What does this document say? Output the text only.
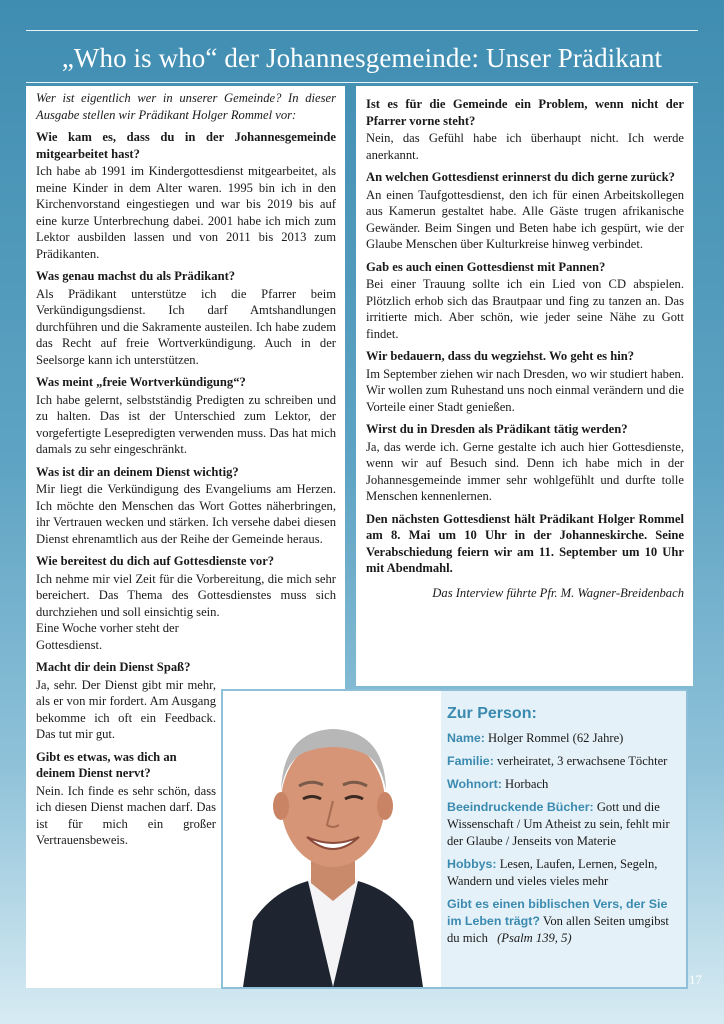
„Who is who“ der Johannesgemeinde: Unser Prädikant

Wer ist eigentlich wer in unserer Gemeinde? In dieser Ausgabe stellen wir Prädikant Holger Rommel vor:

Wie kam es, dass du in der Johannesgemeinde mitgearbeitet hast?

Ich habe ab 1991 im Kindergottesdienst mitgearbeitet, als meine Kinder in dem Alter waren. 1995 bin ich in den Kirchenvorstand eingestiegen und war bis 2019 bis auf eine kurze Unterbrechung dabei. 2001 habe ich mich zum Lektor ausbilden lassen und von 2011 bis 2013 zum Prädikanten.

Was genau machst du als Prädikant?

Als Prädikant unterstütze ich die Pfarrer beim Verkündigungsdienst. Ich darf Amtshandlungen durchführen und die Sakramente austeilen. Ich habe zudem das Recht auf freie Wortverkündigung. Auch in der Seelsorge kann ich unterstützen.

Was meint „freie Wortverkündigung“?

Ich habe gelernt, selbstständig Predigten zu schreiben und zu halten. Das ist der Unterschied zum Lektor, der vorgefertigte Lesepredigten verwenden muss. Das hat mich damals zu sehr eingeschränkt.

Was ist dir an deinem Dienst wichtig?

Mir liegt die Verkündigung des Evangeliums am Herzen. Ich möchte den Menschen das Wort Gottes näherbringen, ihr Vertrauen wecken und stärken. Ich versehe dabei diesen Dienst ehrenamtlich aus der Reihe der Gemeinde heraus.

Wie bereitest du dich auf Gottesdienste vor?

Ich nehme mir viel Zeit für die Vorbereitung, die mich sehr bereichert. Das Thema des Gottesdienstes muss sich durchziehen und soll einsichtig sein.

Eine Woche vorher steht der Gottesdienst.

Macht dir dein Dienst Spaß?

Ja, sehr. Der Dienst gibt mir mehr, als er von mir fordert. Am Ausgang bekomme ich oft ein Feedback. Das tut mir gut.

Gibt es etwas, was dich an deinem Dienst nervt?

Nein. Ich finde es sehr schön, dass ich diesen Dienst machen darf. Das ist für mich ein großer Vertrauensbeweis.

Ist es für die Gemeinde ein Problem, wenn nicht der Pfarrer vorne steht?

Nein, das Gefühl habe ich überhaupt nicht. Ich werde anerkannt.

An welchen Gottesdienst erinnerst du dich gerne zurück?

An einen Taufgottesdienst, den ich für einen Arbeitskollegen aus Kamerun gestaltet habe. Alle Gäste trugen afrikanische Gewänder. Beim Singen und Beten habe ich gespürt, wie der Glaube Menschen über Kulturkreise hinweg verbindet.

Gab es auch einen Gottesdienst mit Pannen?

Bei einer Trauung sollte ich ein Lied von CD abspielen. Plötzlich erhob sich das Brautpaar und fing zu tanzen an. Das irritierte mich. Aber schön, wie jeder seine Nähe zu Gott findet.

Wir bedauern, dass du wegziehst. Wo geht es hin?

Im September ziehen wir nach Dresden, wo wir studiert haben. Wir wollen zum Ruhestand uns noch einmal verändern und die Vorteile einer Stadt genießen.

Wirst du in Dresden als Prädikant tätig werden?

Ja, das werde ich. Gerne gestalte ich auch hier Gottesdienste, wenn wir auf Besuch sind. Denn ich habe mich in der Johannesgemeinde immer sehr wohlgefühlt und durfte tolle Menschen kennenlernen.

Den nächsten Gottesdienst hält Prädikant Holger Rommel am 8. Mai um 10 Uhr in der Johanneskirche. Seine Verabschiedung feiern wir am 11. September um 10 Uhr mit Abendmahl.

Das Interview führte Pfr. M. Wagner-Breidenbach

Zur Person:

Name: Holger Rommel (62 Jahre)

Familie: verheiratet, 3 erwachsene Töchter

Wohnort: Horbach

Beeindruckende Bücher: Gott und die Wissenschaft / Um Atheist zu sein, fehlt mir der Glaube / Jenseits von Materie

Hobbys: Lesen, Laufen, Lernen, Segeln, Wandern und vieles vieles mehr

Gibt es einen biblischen Vers, der Sie im Leben trägt? Von allen Seiten umgibst du mich (Psalm 139, 5)

17
